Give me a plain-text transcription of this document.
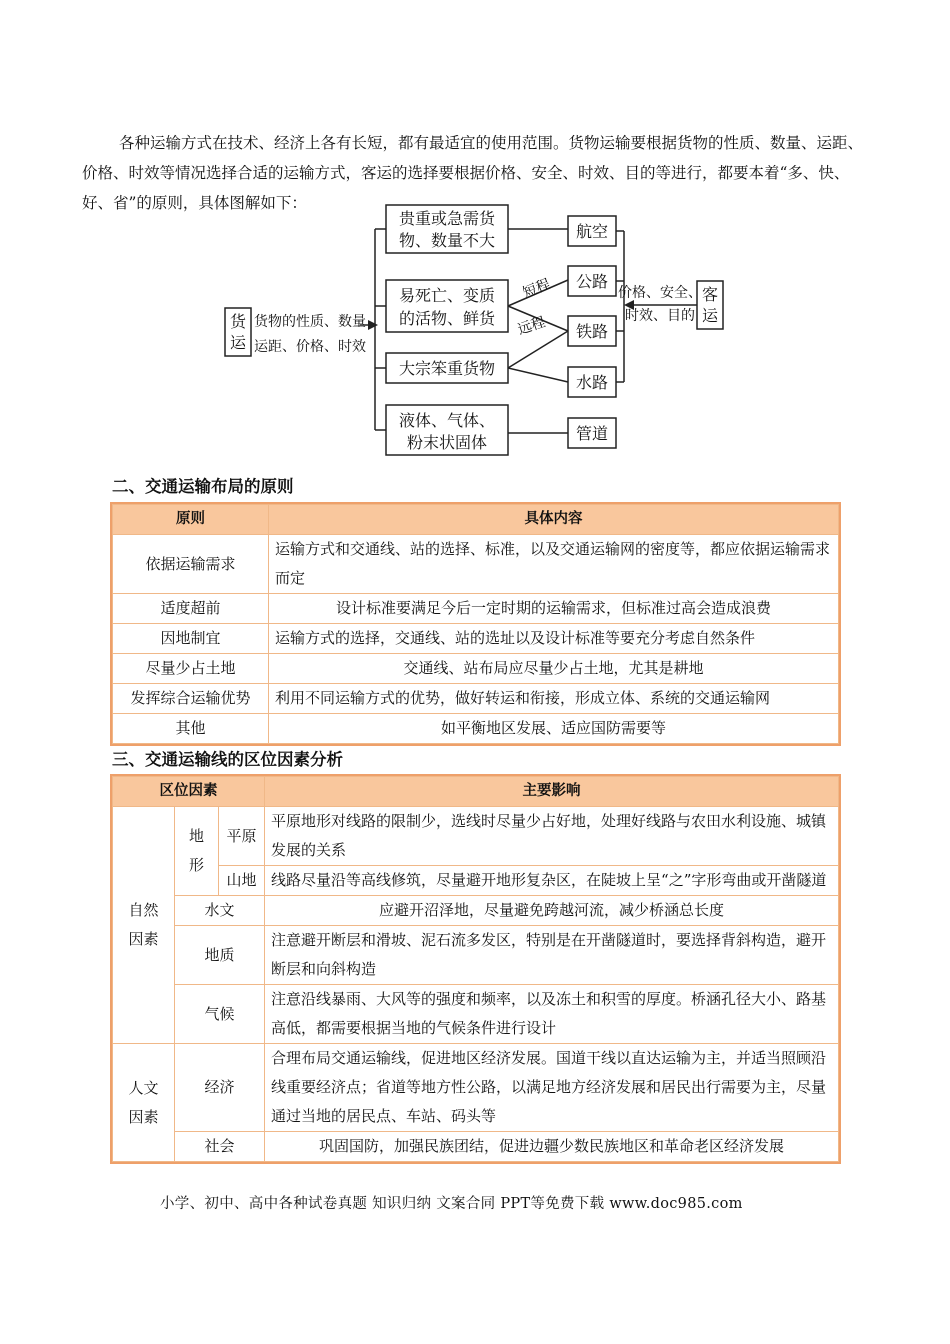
各种运输方式在技术、经济上各有长短，都有最适宜的使用范围。货物运输要根据货物的性质、数量、运距、价格、时效等情况选择合适的运输方式，客运的选择要根据价格、安全、时效、目的等进行，都要本着“多、快、好、省”的原则，具体图解如下：

货
运
货物的性质、数量
运距、价格、时效
贵重或急需货
物、数量不大
易死亡、变质
的活物、鲜货
大宗笨重货物
液体、气体、
粉末状固体
短程
远程
航空
公路
铁路
水路
管道
价格、安全、
时效、目的
客
运
二、交通运输布局的原则
原则	具体内容
依据运输需求	运输方式和交通线、站的选择、标准，以及交通运输网的密度等，都应依据运输需求而定
适度超前	设计标准要满足今后一定时期的运输需求，但标准过高会造成浪费
因地制宜	运输方式的选择，交通线、站的选址以及设计标准等要充分考虑自然条件
尽量少占土地	交通线、站布局应尽量少占土地，尤其是耕地
发挥综合运输优势	利用不同运输方式的优势，做好转运和衔接，形成立体、系统的交通运输网
其他	如平衡地区发展、适应国防需要等
三、交通运输线的区位因素分析
区位因素			主要影响
自然因素	地形	平原	平原地形对线路的限制少，选线时尽量少占好地，处理好线路与农田水利设施、城镇发展的关系
		山地	线路尽量沿等高线修筑，尽量避开地形复杂区，在陡坡上呈“之”字形弯曲或开凿隧道
	水文		应避开沼泽地，尽量避免跨越河流，减少桥涵总长度
	地质		注意避开断层和滑坡、泥石流多发区，特别是在开凿隧道时，要选择背斜构造，避开断层和向斜构造
	气候		注意沿线暴雨、大风等的强度和频率，以及冻土和积雪的厚度。桥涵孔径大小、路基高低，都需要根据当地的气候条件进行设计
人文因素	经济		合理布局交通运输线，促进地区经济发展。国道干线以直达运输为主，并适当照顾沿线重要经济点；省道等地方性公路，以满足地方经济发展和居民出行需要为主，尽量通过当地的居民点、车站、码头等
	社会		巩固国防，加强民族团结，促进边疆少数民族地区和革命老区经济发展
小学、初中、高中各种试卷真题 知识归纳 文案合同 PPT等免费下载 www.doc985.com
